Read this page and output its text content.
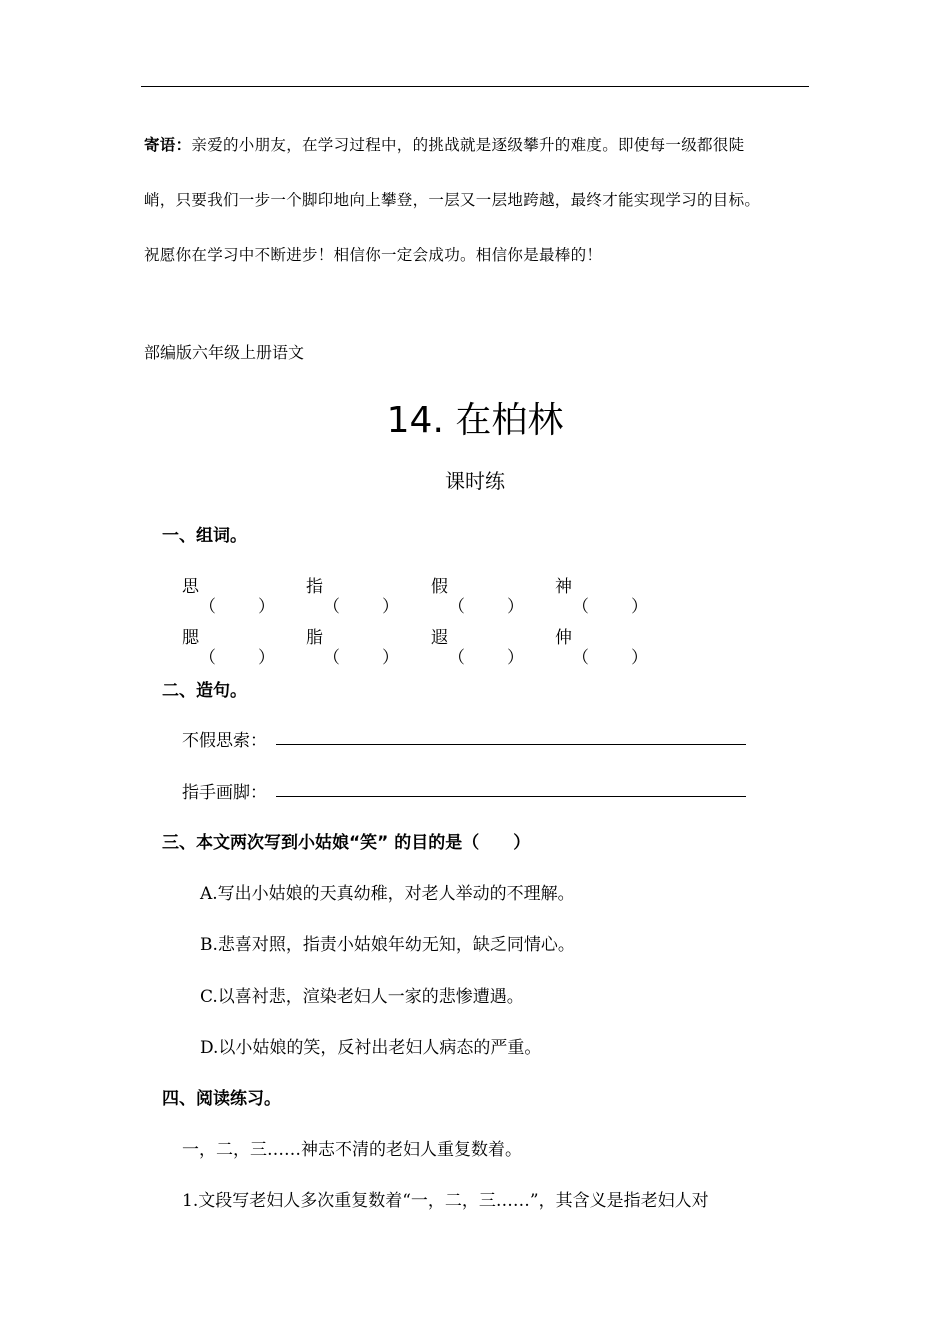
寄语：亲爱的小朋友，在学习过程中，的挑战就是逐级攀升的难度。即使每一级都很陡
峭，只要我们一步一个脚印地向上攀登，一层又一层地跨越，最终才能实现学习的目标。
祝愿你在学习中不断进步！相信你一定会成功。相信你是最棒的！
部编版六年级上册语文
14. 在柏林
课时练
一、组词。
思
（ ）
指
（ ）
假
（ ）
神
（ ）
腮
（ ）
脂
（ ）
遐
（ ）
伸
（ ）
二、造句。
不假思索：
指手画脚：
三、本文两次写到小姑娘“笑” 的目的是（　　）
A.写出小姑娘的天真幼稚，对老人举动的不理解。
B.悲喜对照，指责小姑娘年幼无知，缺乏同情心。
C.以喜衬悲，渲染老妇人一家的悲惨遭遇。
D.以小姑娘的笑，反衬出老妇人病态的严重。
四、阅读练习。
一，二，三……神志不清的老妇人重复数着。
1.文段写老妇人多次重复数着“一，二，三……”，其含义是指老妇人对
